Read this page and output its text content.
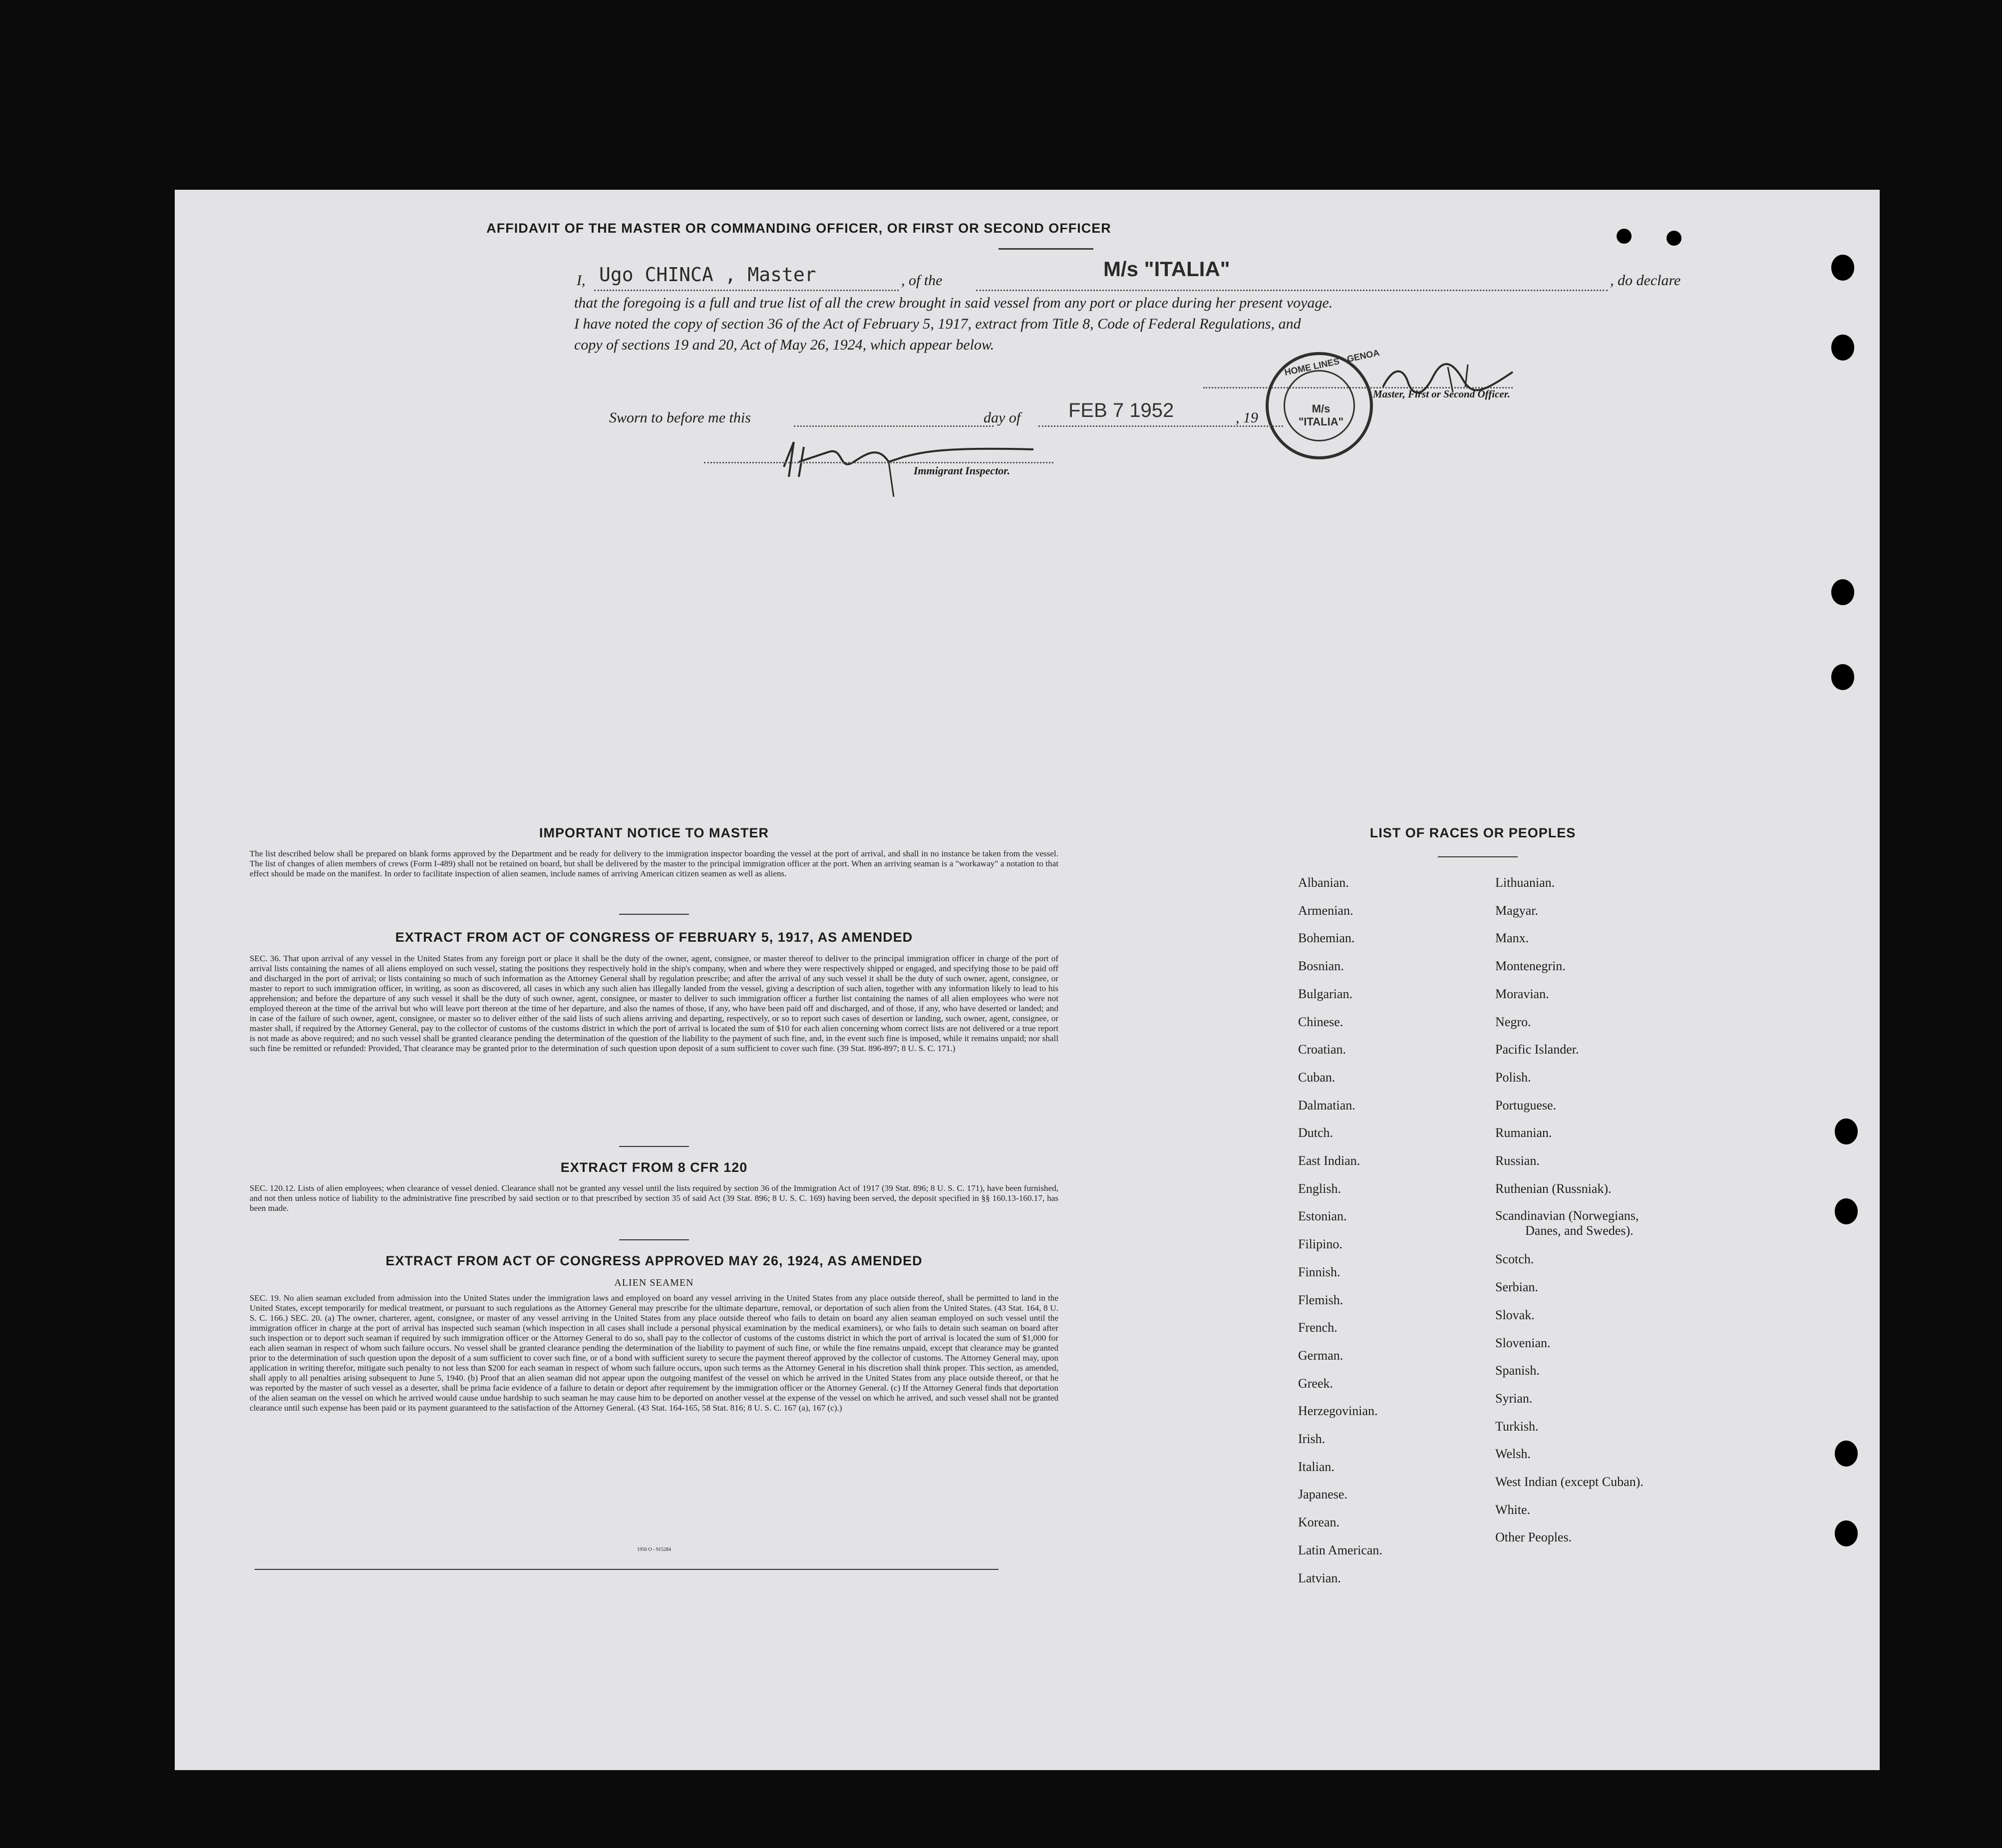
AFFIDAVIT OF THE MASTER OR COMMANDING OFFICER, OR FIRST OR SECOND OFFICER
I, Ugo CHINCA , Master	, of the	M/s "ITALIA"	, do declare
that the foregoing is a full and true list of all the crew brought in said vessel from any port or place during her present voyage.
I have noted the copy of section 36 of the Act of February 5, 1917, extract from Title 8, Code of Federal Regulations, and
copy of sections 19 and 20, Act of May 26, 1924, which appear below.
Master, First or Second Officer.
HOME LINES · GENOA
M/s "ITALIA"
Sworn to before me this	day of FEB 7 1952	, 19
Immigrant Inspector.
IMPORTANT NOTICE TO MASTER
The list described below shall be prepared on blank forms approved by the Department and be ready for delivery to the immigration inspector boarding the vessel at the port of arrival, and shall in no instance be taken from the vessel. The list of changes of alien members of crews (Form I-489) shall not be retained on board, but shall be delivered by the master to the principal immigration officer at the port. When an arriving seaman is a "workaway" a notation to that effect should be made on the manifest. In order to facilitate inspection of alien seamen, include names of arriving American citizen seamen as well as aliens.
EXTRACT FROM ACT OF CONGRESS OF FEBRUARY 5, 1917, AS AMENDED
SEC. 36. That upon arrival of any vessel in the United States from any foreign port or place it shall be the duty of the owner, agent, consignee, or master thereof to deliver to the principal immigration officer in charge of the port of arrival lists containing the names of all aliens employed on such vessel, stating the positions they respectively hold in the ship's company, when and where they were respectively shipped or engaged, and specifying those to be paid off and discharged in the port of arrival; or lists containing so much of such information as the Attorney General shall by regulation prescribe; and after the arrival of any such vessel it shall be the duty of such owner, agent, consignee, or master to report to such immigration officer, in writing, as soon as discovered, all cases in which any such alien has illegally landed from the vessel, giving a description of such alien, together with any information likely to lead to his apprehension; and before the departure of any such vessel it shall be the duty of such owner, agent, consignee, or master to deliver to such immigration officer a further list containing the names of all alien employees who were not employed thereon at the time of the arrival but who will leave port thereon at the time of her departure, and also the names of those, if any, who have been paid off and discharged, and of those, if any, who have deserted or landed; and in case of the failure of such owner, agent, consignee, or master so to deliver either of the said lists of such aliens arriving and departing, respectively, or so to report such cases of desertion or landing, such owner, agent, consignee, or master shall, if required by the Attorney General, pay to the collector of customs of the customs district in which the port of arrival is located the sum of $10 for each alien concerning whom correct lists are not delivered or a true report is not made as above required; and no such vessel shall be granted clearance pending the determination of the question of the liability to the payment of such fine, and, in the event such fine is imposed, while it remains unpaid; nor shall such fine be remitted or refunded: Provided, That clearance may be granted prior to the determination of such question upon deposit of a sum sufficient to cover such fine. (39 Stat. 896-897; 8 U. S. C. 171.)
EXTRACT FROM 8 CFR 120
SEC. 120.12. Lists of alien employees; when clearance of vessel denied. Clearance shall not be granted any vessel until the lists required by section 36 of the Immigration Act of 1917 (39 Stat. 896; 8 U. S. C. 171), have been furnished, and not then unless notice of liability to the administrative fine prescribed by said section or to that prescribed by section 35 of said Act (39 Stat. 896; 8 U. S. C. 169) having been served, the deposit specified in §§ 160.13-160.17, has been made.
EXTRACT FROM ACT OF CONGRESS APPROVED MAY 26, 1924, AS AMENDED
ALIEN SEAMEN
SEC. 19. No alien seaman excluded from admission into the United States under the immigration laws and employed on board any vessel arriving in the United States from any place outside thereof, shall be permitted to land in the United States, except temporarily for medical treatment, or pursuant to such regulations as the Attorney General may prescribe for the ultimate departure, removal, or deportation of such alien from the United States. (43 Stat. 164, 8 U. S. C. 166.) SEC. 20. (a) The owner, charterer, agent, consignee, or master of any vessel arriving in the United States from any place outside thereof who fails to detain on board any alien seaman employed on such vessel until the immigration officer in charge at the port of arrival has inspected such seaman (which inspection in all cases shall include a personal physical examination by the medical examiners), or who fails to detain such seaman on board after such inspection or to deport such seaman if required by such immigration officer or the Attorney General to do so, shall pay to the collector of customs of the customs district in which the port of arrival is located the sum of $1,000 for each alien seaman in respect of whom such failure occurs. No vessel shall be granted clearance pending the determination of the liability to payment of such fine, or while the fine remains unpaid, except that clearance may be granted prior to the determination of such question upon the deposit of a sum sufficient to cover such fine, or of a bond with sufficient surety to secure the payment thereof approved by the collector of customs. The Attorney General may, upon application in writing therefor, mitigate such penalty to not less than $200 for each seaman in respect of whom such failure occurs, upon such terms as the Attorney General in his discretion shall think proper. This section, as amended, shall apply to all penalties arising subsequent to June 5, 1940. (b) Proof that an alien seaman did not appear upon the outgoing manifest of the vessel on which he arrived in the United States from any place outside thereof, or that he was reported by the master of such vessel as a deserter, shall be prima facie evidence of a failure to detain or deport after requirement by the immigration officer or the Attorney General. (c) If the Attorney General finds that deportation of the alien seaman on the vessel on which he arrived would cause undue hardship to such seaman he may cause him to be deported on another vessel at the expense of the vessel on which he arrived, and such vessel shall not be granted clearance until such expense has been paid or its payment guaranteed to the satisfaction of the Attorney General. (43 Stat. 164-165, 58 Stat. 816; 8 U. S. C. 167 (a), 167 (c).)
1950 O - 915284
LIST OF RACES OR PEOPLES
Albanian.
Armenian.
Bohemian.
Bosnian.
Bulgarian.
Chinese.
Croatian.
Cuban.
Dalmatian.
Dutch.
East Indian.
English.
Estonian.
Filipino.
Finnish.
Flemish.
French.
German.
Greek.
Herzegovinian.
Irish.
Italian.
Japanese.
Korean.
Latin American.
Latvian.
Lithuanian.
Magyar.
Manx.
Montenegrin.
Moravian.
Negro.
Pacific Islander.
Polish.
Portuguese.
Rumanian.
Russian.
Ruthenian (Russniak).
Scandinavian (Norwegians,
Danes, and Swedes).
Scotch.
Serbian.
Slovak.
Slovenian.
Spanish.
Syrian.
Turkish.
Welsh.
West Indian (except Cuban).
White.
Other Peoples.
